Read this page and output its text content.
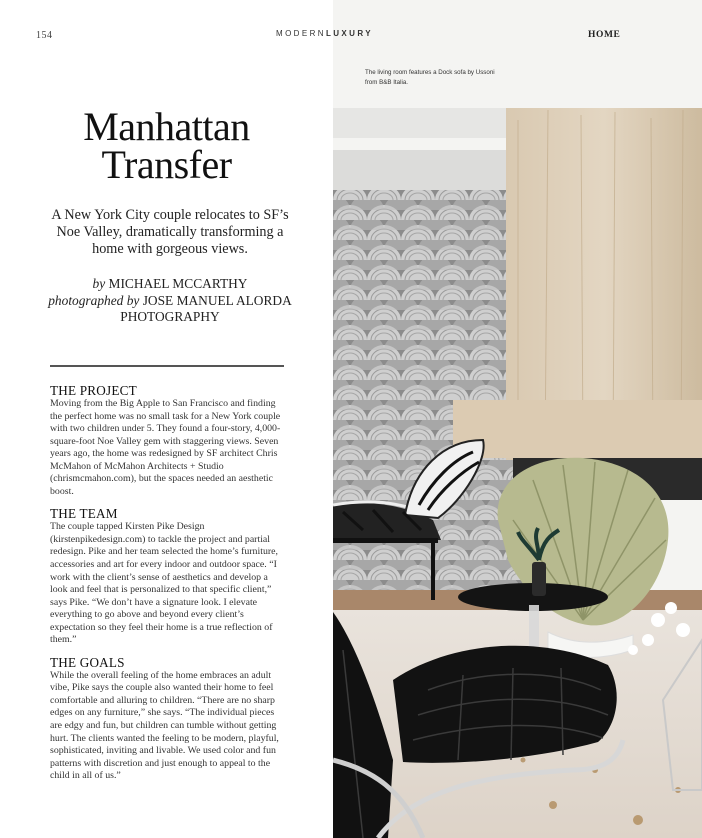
154	MODERNLUXURY	HOME
Manhattan
Transfer
A New York City couple relocates to SF’s Noe Valley, dramatically transforming a home with gorgeous views.
by MICHAEL MCCARTHY
photographed by JOSE MANUEL ALORDA PHOTOGRAPHY
THE PROJECT

Moving from the Big Apple to San Francisco and finding the perfect home was no small task for a New York couple with two children under 5. They found a four-story, 4,000-square-foot Noe Valley gem with staggering views. Seven years ago, the home was redesigned by SF architect Chris McMahon of McMahon Architects + Studio (chrismcmahon.com), but the spaces needed an aesthetic boost.

THE TEAM

The couple tapped Kirsten Pike Design (kirstenpikedesign.com) to tackle the project and partial redesign. Pike and her team selected the home’s furniture, accessories and art for every indoor and outdoor space. “I work with the client’s sense of aesthetics and develop a look and feel that is personalized to that specific client,” says Pike. “We don’t have a signature look. I elevate everything to go above and beyond every client’s expectation so they feel their home is a true reflection of them.”

THE GOALS

While the overall feeling of the home embraces an adult vibe, Pike says the couple also wanted their home to feel comfortable and alluring to children. “There are no sharp edges on any furniture,” she says. “The individual pieces are edgy and fun, but children can tumble without getting hurt. The clients wanted the feeling to be modern, playful, sophisticated, inviting and livable. We used color and fun patterns with discretion and just enough to appeal to the child in all of us.”

The living room features a Dock sofa by Ussoni from B&B Italia.
